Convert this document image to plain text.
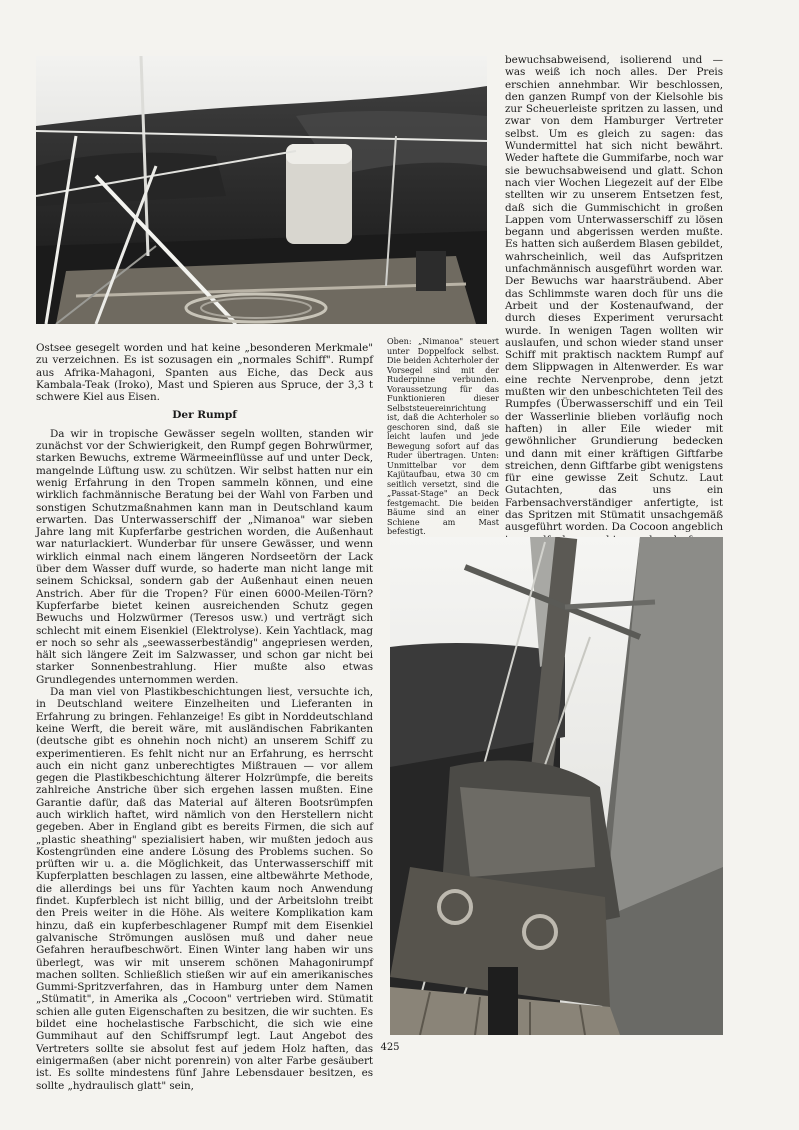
Oben: „Nimanoa" steuert unter Doppelfock selbst. Die beiden Achterholer der Vorsegel sind mit der Ruderpinne verbunden. Voraussetzung für das Funktionieren dieser Selbststeuereinrichtung ist, daß die Achterholer so geschoren sind, daß sie leicht laufen und jede Bewegung sofort auf das Ruder übertragen. Unten: Unmittelbar vor dem Kajütaufbau, etwa 30 cm seitlich versetzt, sind die „Passat-Stage" an Deck festgemacht. Die beiden Bäume sind an einer Schiene am Mast befestigt.

Ostsee gesegelt worden und hat keine „besonderen Merkmale" zu verzeichnen. Es ist sozusagen ein „normales Schiff". Rumpf aus Afrika-Mahagoni, Spanten aus Eiche, das Deck aus Kambala-Teak (Iroko), Mast und Spieren aus Spruce, der 3,3 t schwere Kiel aus Eisen.

Der Rumpf

Da wir in tropische Gewässer segeln wollten, standen wir zunächst vor der Schwierigkeit, den Rumpf gegen Bohrwürmer, starken Bewuchs, extreme Wärmeeinflüsse auf und unter Deck, mangelnde Lüftung usw. zu schützen. Wir selbst hatten nur ein wenig Erfahrung in den Tropen sammeln können, und eine wirklich fachmännische Beratung bei der Wahl von Farben und sonstigen Schutzmaßnahmen kann man in Deutschland kaum erwarten. Das Unterwasserschiff der „Nimanoa" war sieben Jahre lang mit Kupferfarbe gestrichen worden, die Außenhaut war naturlackiert. Wunderbar für unsere Gewässer, und wenn wirklich einmal nach einem längeren Nordseetörn der Lack über dem Wasser duff wurde, so haderte man nicht lange mit seinem Schicksal, sondern gab der Außenhaut einen neuen Anstrich. Aber für die Tropen? Für einen 6000-Meilen-Törn? Kupferfarbe bietet keinen ausreichenden Schutz gegen Bewuchs und Holzwürmer (Teresos usw.) und verträgt sich schlecht mit einem Eisenkiel (Elektrolyse). Kein Yachtlack, mag er noch so sehr als „seewasserbeständig" angepriesen werden, hält sich längere Zeit im Salzwasser, und schon gar nicht bei starker Sonnenbestrahlung. Hier mußte also etwas Grundlegendes unternommen werden.

Da man viel von Plastikbeschichtungen liest, versuchte ich, in Deutschland weitere Einzelheiten und Lieferanten in Erfahrung zu bringen. Fehlanzeige! Es gibt in Norddeutschland keine Werft, die bereit wäre, mit ausländischen Fabrikanten (deutsche gibt es ohnehin noch nicht) an unserem Schiff zu experimentieren. Es fehlt nicht nur an Erfahrung, es herrscht auch ein nicht ganz unberechtigtes Mißtrauen — vor allem gegen die Plastikbeschichtung älterer Holzrümpfe, die bereits zahlreiche Anstriche über sich ergehen lassen mußten. Eine Garantie dafür, daß das Material auf älteren Bootsrümpfen auch wirklich haftet, wird nämlich von den Herstellern nicht gegeben. Aber in England gibt es bereits Firmen, die sich auf „plastic sheathing" spezialisiert haben, wir mußten jedoch aus Kostengründen eine andere Lösung des Problems suchen. So prüften wir u. a. die Möglichkeit, das Unterwasserschiff mit Kupferplatten beschlagen zu lassen, eine altbewährte Methode, die allerdings bei uns für Yachten kaum noch Anwendung findet. Kupferblech ist nicht billig, und der Arbeitslohn treibt den Preis weiter in die Höhe. Als weitere Komplikation kam hinzu, daß ein kupferbeschlagener Rumpf mit dem Eisenkiel galvanische Strömungen auslösen muß und daher neue Gefahren heraufbeschwört. Einen Winter lang haben wir uns überlegt, was wir mit unserem schönen Mahagonirumpf machen sollten. Schließlich stießen wir auf ein amerikanisches Gummi-Spritzverfahren, das in Hamburg unter dem Namen „Stümatit", in Amerika als „Cocoon" vertrieben wird. Stümatit schien alle guten Eigenschaften zu besitzen, die wir suchten. Es bildet eine hochelastische Farbschicht, die sich wie eine Gummihaut auf den Schiffsrumpf legt. Laut Angebot des Vertreters sollte sie absolut fest auf jedem Holz haften, das einigermaßen (aber nicht porenrein) von alter Farbe gesäubert ist. Es sollte mindestens fünf Jahre Lebensdauer besitzen, es sollte „hydraulisch glatt" sein,

bewuchsabweisend, isolierend und — was weiß ich noch alles. Der Preis erschien annehmbar. Wir beschlossen, den ganzen Rumpf von der Kielsohle bis zur Scheuerleiste spritzen zu lassen, und zwar von dem Hamburger Vertreter selbst. Um es gleich zu sagen: das Wundermittel hat sich nicht bewährt. Weder haftete die Gummifarbe, noch war sie bewuchsabweisend und glatt. Schon nach vier Wochen Liegezeit auf der Elbe stellten wir zu unserem Entsetzen fest, daß sich die Gummischicht in großen Lappen vom Unterwasserschiff zu lösen begann und abgerissen werden mußte. Es hatten sich außerdem Blasen gebildet, wahrscheinlich, weil das Aufspritzen unfachmännisch ausgeführt worden war. Der Bewuchs war haarsträubend. Aber das Schlimmste waren doch für uns die Arbeit und der Kostenaufwand, der durch dieses Experiment verursacht wurde. In wenigen Tagen wollten wir auslaufen, und schon wieder stand unser Schiff mit praktisch nacktem Rumpf auf dem Slippwagen in Altenwerder. Es war eine rechte Nervenprobe, denn jetzt mußten wir den unbeschichteten Teil des Rumpfes (Überwasserschiff und ein Teil der Wasserlinie blieben vorläufig noch haften) in aller Eile wieder mit gewöhnlicher Grundierung bedecken und dann mit einer kräftigen Giftfarbe streichen, denn Giftfarbe gibt wenigstens für eine gewisse Zeit Schutz. Laut Gutachten, das uns ein Farbensachverständiger anfertigte, ist das Spritzen mit Stümatit unsachgemäß ausgeführt worden. Da Cocoon angeblich

425
